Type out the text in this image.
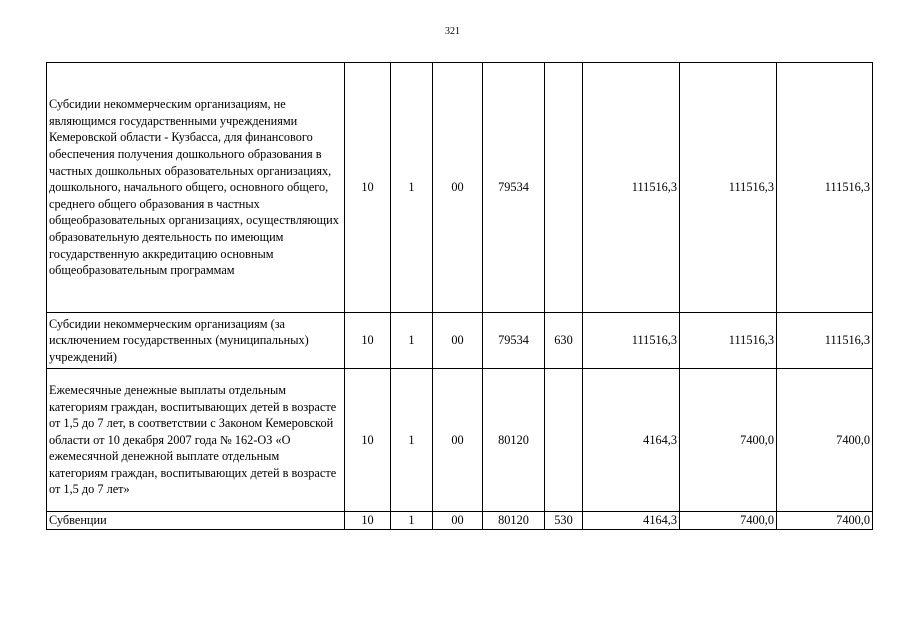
321
Субсидии некоммерческим организациям, не являющимся государственными учреждениями Кемеровской области - Кузбасса, для финансового обеспечения получения дошкольного образования в частных дошкольных образовательных организациях, дошкольного, начального общего, основного общего, среднего общего образования в частных общеобразовательных организациях, осуществляющих образовательную деятельность по имеющим государственную аккредитацию основным общеобразовательным программам	10	1	00	79534		111516,3	111516,3	111516,3

Субсидии некоммерческим организациям (за исключением государственных (муниципальных) учреждений)	10	1	00	79534	630	111516,3	111516,3	111516,3

Ежемесячные денежные выплаты отдельным категориям граждан, воспитывающих детей в возрасте от 1,5 до 7 лет, в соответствии с Законом Кемеровской области от 10 декабря 2007 года № 162-ОЗ «О ежемесячной денежной выплате отдельным категориям граждан, воспитывающих детей в возрасте от 1,5 до 7 лет»	10	1	00	80120		4164,3	7400,0	7400,0

Субвенции	10	1	00	80120	530	4164,3	7400,0	7400,0
